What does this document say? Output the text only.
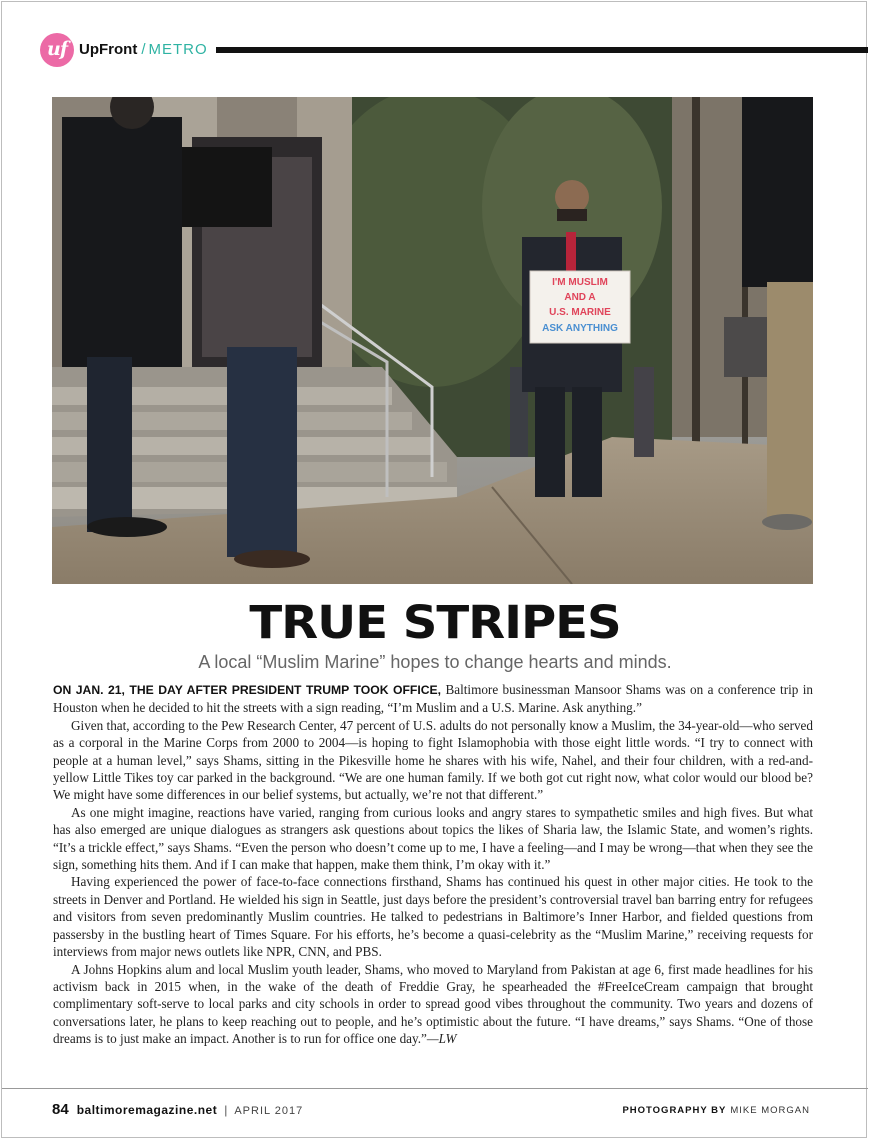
uf UpFront / METRO
I'M MUSLIM
AND A
U.S. MARINE
ASK ANYTHING
TRUE STRIPES
A local “Muslim Marine” hopes to change hearts and minds.

ON JAN. 21, THE DAY AFTER PRESIDENT TRUMP TOOK OFFICE, Baltimore businessman Mansoor Shams was on a conference trip in Houston when he decided to hit the streets with a sign reading, “I’m Muslim and a U.S. Marine. Ask anything.”

Given that, according to the Pew Research Center, 47 percent of U.S. adults do not personally know a Muslim, the 34-year-old—who served as a corporal in the Marine Corps from 2000 to 2004—is hoping to fight Islamophobia with those eight little words. “I try to connect with people at a human level,” says Shams, sitting in the Pikesville home he shares with his wife, Nahel, and their four children, with a red-and-yellow Little Tikes toy car parked in the background. “We are one human family. If we both got cut right now, what color would our blood be? We might have some differences in our belief systems, but actually, we’re not that different.”

As one might imagine, reactions have varied, ranging from curious looks and angry stares to sympathetic smiles and high fives. But what has also emerged are unique dialogues as strangers ask questions about topics the likes of Sharia law, the Islamic State, and women’s rights. “It’s a trickle effect,” says Shams. “Even the person who doesn’t come up to me, I have a feeling—and I may be wrong—that when they see the sign, something hits them. And if I can make that happen, make them think, I’m okay with it.”

Having experienced the power of face-to-face connections firsthand, Shams has continued his quest in other major cities. He took to the streets in Denver and Portland. He wielded his sign in Seattle, just days before the president’s controversial travel ban barring entry for refugees and visitors from seven predominantly Muslim countries. He talked to pedestrians in Baltimore’s Inner Harbor, and fielded questions from passersby in the bustling heart of Times Square. For his efforts, he’s become a quasi-celebrity as the “Muslim Marine,” receiving requests for interviews from major news outlets like NPR, CNN, and PBS.

A Johns Hopkins alum and local Muslim youth leader, Shams, who moved to Maryland from Pakistan at age 6, first made headlines for his activism back in 2015 when, in the wake of the death of Freddie Gray, he spearheaded the #FreeIceCream campaign that brought complimentary soft-serve to local parks and city schools in order to spread good vibes throughout the community. Two years and dozens of conversations later, he plans to keep reaching out to people, and he’s optimistic about the future. “I have dreams,” says Shams. “One of those dreams is to just make an impact. Another is to run for office one day.”—LW

84 baltimoremagazine.net | APRIL 2017	PHOTOGRAPHY BY MIKE MORGAN
